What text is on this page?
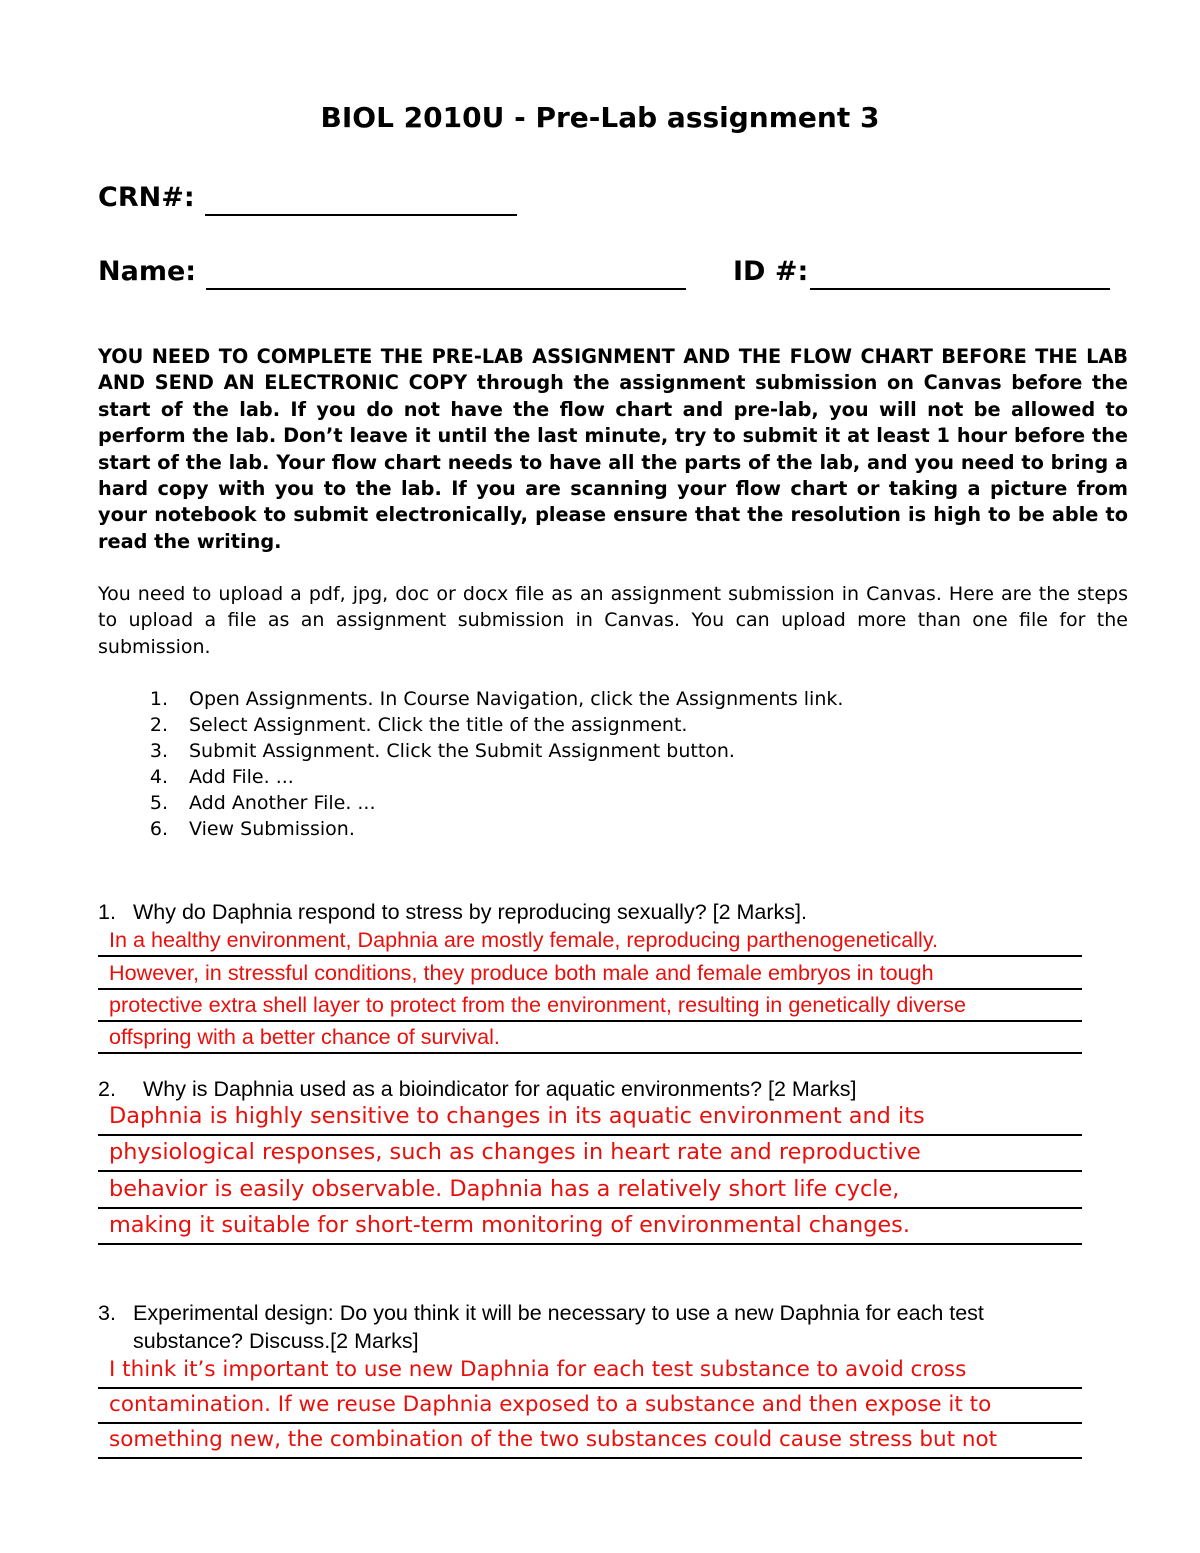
BIOL 2010U - Pre-Lab assignment 3
CRN#:
Name:	ID #:
YOU NEED TO COMPLETE THE PRE-LAB ASSIGNMENT AND THE FLOW CHART BEFORE THE LAB AND SEND AN ELECTRONIC COPY through the assignment submission on Canvas before the start of the lab. If you do not have the flow chart and pre-lab, you will not be allowed to perform the lab. Don’t leave it until the last minute, try to submit it at least 1 hour before the start of the lab. Your flow chart needs to have all the parts of the lab, and you need to bring a hard copy with you to the lab. If you are scanning your flow chart or taking a picture from your notebook to submit electronically, please ensure that the resolution is high to be able to read the writing.
You need to upload a pdf, jpg, doc or docx file as an assignment submission in Canvas. Here are the steps to upload a file as an assignment submission in Canvas. You can upload more than one file for the submission.
1. Open Assignments. In Course Navigation, click the Assignments link.
2. Select Assignment. Click the title of the assignment.
3. Submit Assignment. Click the Submit Assignment button.
4. Add File. ...
5. Add Another File. ...
6. View Submission.
1. Why do Daphnia respond to stress by reproducing sexually? [2 Marks].
In a healthy environment, Daphnia are mostly female, reproducing parthenogenetically.
However, in stressful conditions, they produce both male and female embryos in tough
protective extra shell layer to protect from the environment, resulting in genetically diverse
offspring with a better chance of survival.
2. Why is Daphnia used as a bioindicator for aquatic environments? [2 Marks]
Daphnia is highly sensitive to changes in its aquatic environment and its
physiological responses, such as changes in heart rate and reproductive
behavior is easily observable. Daphnia has a relatively short life cycle,
making it suitable for short-term monitoring of environmental changes.
3. Experimental design: Do you think it will be necessary to use a new Daphnia for each test
substance? Discuss.[2 Marks]
I think it’s important to use new Daphnia for each test substance to avoid cross
contamination. If we reuse Daphnia exposed to a substance and then expose it to
something new, the combination of the two substances could cause stress but not
